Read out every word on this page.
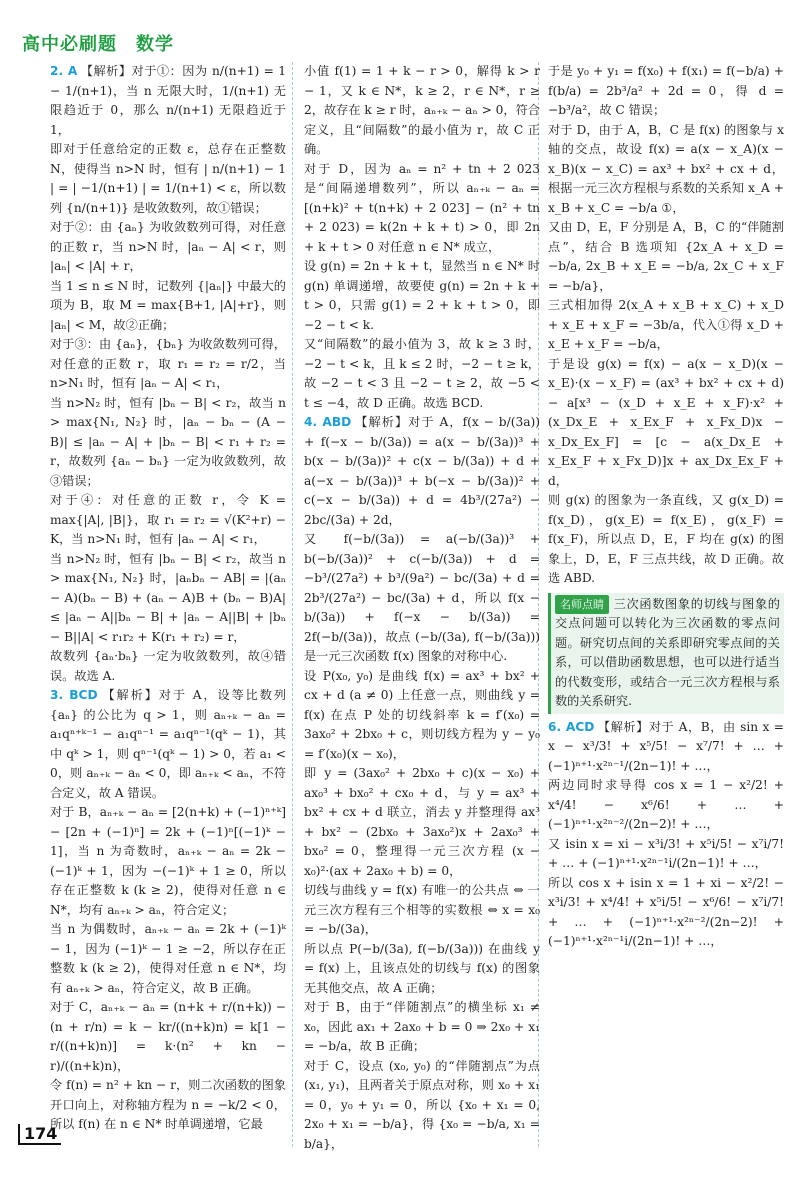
高中必刷题　数学

2. A 【解析】对于①：因为 n/(n+1) = 1 − 1/(n+1)，当 n 无限大时，1/(n+1) 无限趋近于 0，那么 n/(n+1) 无限趋近于 1，

即对于任意给定的正数 ε，总存在正整数 N，使得当 n>N 时，恒有 | n/(n+1) − 1 | = | −1/(n+1) | = 1/(n+1) < ε，所以数列 {n/(n+1)} 是收敛数列，故①错误；

对于②：由 {aₙ} 为收敛数列可得，对任意的正数 r，当 n>N 时，|aₙ − A| < r，则 |aₙ| < |A| + r，

当 1 ≤ n ≤ N 时，记数列 {|aₙ|} 中最大的项为 B，取 M = max{B+1, |A|+r}，则 |aₙ| < M，故②正确；

对于③：由 {aₙ}，{bₙ} 为收敛数列可得，对任意的正数 r，取 r₁ = r₂ = r/2，当 n>N₁ 时，恒有 |aₙ − A| < r₁，

当 n>N₂ 时，恒有 |bₙ − B| < r₂，故当 n > max{N₁, N₂} 时，|aₙ − bₙ − (A − B)| ≤ |aₙ − A| + |bₙ − B| < r₁ + r₂ = r，故数列 {aₙ − bₙ} 一定为收敛数列，故③错误；

对于④：对任意的正数 r，令 K = max{|A|, |B|}，取 r₁ = r₂ = √(K²+r) − K，当 n>N₁ 时，恒有 |aₙ − A| < r₁，

当 n>N₂ 时，恒有 |bₙ − B| < r₂，故当 n > max{N₁, N₂} 时，|aₙbₙ − AB| = |(aₙ − A)(bₙ − B) + (aₙ − A)B + (bₙ − B)A| ≤ |aₙ − A||bₙ − B| + |aₙ − A||B| + |bₙ − B||A| < r₁r₂ + K(r₁ + r₂) = r，

故数列 {aₙ·bₙ} 一定为收敛数列，故④错误。故选 A.

3. BCD 【解析】对于 A，设等比数列 {aₙ} 的公比为 q > 1，则 aₙ₊ₖ − aₙ = a₁qⁿ⁺ᵏ⁻¹ − a₁qⁿ⁻¹ = a₁qⁿ⁻¹(qᵏ − 1)，其中 qᵏ > 1，则 qⁿ⁻¹(qᵏ − 1) > 0，若 a₁ < 0，则 aₙ₊ₖ − aₙ < 0，即 aₙ₊ₖ < aₙ，不符合定义，故 A 错误。

对于 B，aₙ₊ₖ − aₙ = [2(n+k) + (−1)ⁿ⁺ᵏ] − [2n + (−1)ⁿ] = 2k + (−1)ⁿ[(−1)ᵏ − 1]，当 n 为奇数时，aₙ₊ₖ − aₙ = 2k − (−1)ᵏ + 1，因为 −(−1)ᵏ + 1 ≥ 0，所以存在正整数 k (k ≥ 2)，使得对任意 n ∈ N*，均有 aₙ₊ₖ > aₙ，符合定义；

当 n 为偶数时，aₙ₊ₖ − aₙ = 2k + (−1)ᵏ − 1，因为 (−1)ᵏ − 1 ≥ −2，所以存在正整数 k (k ≥ 2)，使得对任意 n ∈ N*，均有 aₙ₊ₖ > aₙ，符合定义，故 B 正确。

对于 C，aₙ₊ₖ − aₙ = (n+k + r/(n+k)) − (n + r/n) = k − kr/((n+k)n) = k[1 − r/((n+k)n)] = k·(n² + kn − r)/((n+k)n)，

令 f(n) = n² + kn − r，则二次函数的图象开口向上，对称轴方程为 n = −k/2 < 0，所以 f(n) 在 n ∈ N* 时单调递增，它最

小值 f(1) = 1 + k − r > 0，解得 k > r − 1，又 k ∈ N*，k ≥ 2，r ∈ N*，r ≥ 2，故存在 k ≥ r 时，aₙ₊ₖ − aₙ > 0，符合定义，且“间隔数”的最小值为 r，故 C 正确。

对于 D，因为 aₙ = n² + tn + 2 023 是“间隔递增数列”，所以 aₙ₊ₖ − aₙ = [(n+k)² + t(n+k) + 2 023] − (n² + tn + 2 023) = k(2n + k + t) > 0，即 2n + k + t > 0 对任意 n ∈ N* 成立，

设 g(n) = 2n + k + t，显然当 n ∈ N* 时 g(n) 单调递增，故要使 g(n) = 2n + k + t > 0，只需 g(1) = 2 + k + t > 0，即 −2 − t < k.

又“间隔数”的最小值为 3，故 k ≥ 3 时，−2 − t < k，且 k ≤ 2 时，−2 − t ≥ k，故 −2 − t < 3 且 −2 − t ≥ 2，故 −5 < t ≤ −4，故 D 正确。故选 BCD.

4. ABD 【解析】对于 A，f(x − b/(3a)) + f(−x − b/(3a)) = a(x − b/(3a))³ + b(x − b/(3a))² + c(x − b/(3a)) + d + a(−x − b/(3a))³ + b(−x − b/(3a))² + c(−x − b/(3a)) + d = 4b³/(27a²) − 2bc/(3a) + 2d，

又 f(−b/(3a)) = a(−b/(3a))³ + b(−b/(3a))² + c(−b/(3a)) + d = −b³/(27a²) + b³/(9a²) − bc/(3a) + d = 2b³/(27a²) − bc/(3a) + d，所以 f(x − b/(3a)) + f(−x − b/(3a)) = 2f(−b/(3a))，故点 (−b/(3a), f(−b/(3a))) 是一元三次函数 f(x) 图象的对称中心.

设 P(x₀, y₀) 是曲线 f(x) = ax³ + bx² + cx + d (a ≠ 0) 上任意一点，则曲线 y = f(x) 在点 P 处的切线斜率 k = f′(x₀) = 3ax₀² + 2bx₀ + c，则切线方程为 y − y₀ = f′(x₀)(x − x₀)，

即 y = (3ax₀² + 2bx₀ + c)(x − x₀) + ax₀³ + bx₀² + cx₀ + d，与 y = ax³ + bx² + cx + d 联立，消去 y 并整理得 ax³ + bx² − (2bx₀ + 3ax₀²)x + 2ax₀³ + bx₀² = 0，整理得一元三次方程 (x − x₀)²·(ax + 2ax₀ + b) = 0，

切线与曲线 y = f(x) 有唯一的公共点 ⇔ 一元三次方程有三个相等的实数根 ⇔ x = x₀ = −b/(3a)，

所以点 P(−b/(3a), f(−b/(3a))) 在曲线 y = f(x) 上，且该点处的切线与 f(x) 的图象无其他交点，故 A 正确；

对于 B，由于“伴随割点”的横坐标 x₁ ≠ x₀，因此 ax₁ + 2ax₀ + b = 0 ⇒ 2x₀ + x₁ = −b/a，故 B 正确；

对于 C，设点 (x₀, y₀) 的“伴随割点”为点 (x₁, y₁)，且两者关于原点对称，则 x₀ + x₁ = 0，y₀ + y₁ = 0，所以 {x₀ + x₁ = 0, 2x₀ + x₁ = −b/a}，得 {x₀ = −b/a, x₁ = b/a}，

于是 y₀ + y₁ = f(x₀) + f(x₁) = f(−b/a) + f(b/a) = 2b³/a² + 2d = 0，得 d = −b³/a²，故 C 错误；

对于 D，由于 A，B，C 是 f(x) 的图象与 x 轴的交点，故设 f(x) = a(x − x_A)(x − x_B)(x − x_C) = ax³ + bx² + cx + d，根据一元三次方程根与系数的关系知 x_A + x_B + x_C = −b/a ①，

又由 D，E，F 分别是 A，B，C 的“伴随割点”，结合 B 选项知 {2x_A + x_D = −b/a, 2x_B + x_E = −b/a, 2x_C + x_F = −b/a}，

三式相加得 2(x_A + x_B + x_C) + x_D + x_E + x_F = −3b/a，代入①得 x_D + x_E + x_F = −b/a，

于是设 g(x) = f(x) − a(x − x_D)(x − x_E)·(x − x_F) = (ax³ + bx² + cx + d) − a[x³ − (x_D + x_E + x_F)·x² + (x_Dx_E + x_Ex_F + x_Fx_D)x − x_Dx_Ex_F] = [c − a(x_Dx_E + x_Ex_F + x_Fx_D)]x + ax_Dx_Ex_F + d，

则 g(x) 的图象为一条直线，又 g(x_D) = f(x_D)，g(x_E) = f(x_E)，g(x_F) = f(x_F)，所以点 D，E，F 均在 g(x) 的图象上，D，E，F 三点共线，故 D 正确。故选 ABD.

名师点睛 三次函数图象的切线与图象的交点问题可以转化为三次函数的零点问题。研究切点间的关系即研究零点间的关系，可以借助函数思想，也可以进行适当的代数变形，或结合一元三次方程根与系数的关系研究.

6. ACD 【解析】对于 A，B，由 sin x = x − x³/3! + x⁵/5! − x⁷/7! + … + (−1)ⁿ⁺¹·x²ⁿ⁻¹/(2n−1)! + …，

两边同时求导得 cos x = 1 − x²/2! + x⁴/4! − x⁶/6! + … + (−1)ⁿ⁺¹·x²ⁿ⁻²/(2n−2)! + …，

又 isin x = xi − x³i/3! + x⁵i/5! − x⁷i/7! + … + (−1)ⁿ⁺¹·x²ⁿ⁻¹i/(2n−1)! + …，

所以 cos x + isin x = 1 + xi − x²/2! − x³i/3! + x⁴/4! + x⁵i/5! − x⁶/6! − x⁷i/7! + … + (−1)ⁿ⁺¹·x²ⁿ⁻²/(2n−2)! + (−1)ⁿ⁺¹·x²ⁿ⁻¹i/(2n−1)! + …，

174
